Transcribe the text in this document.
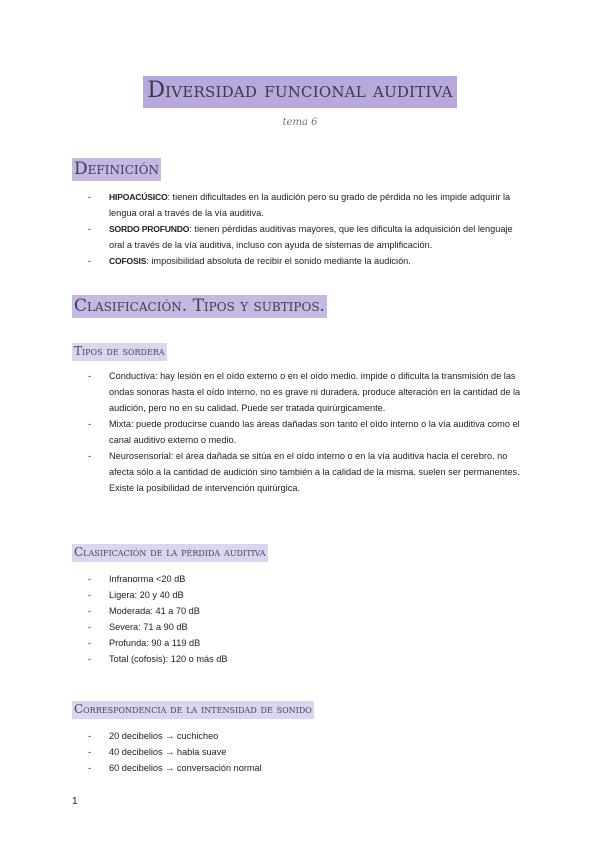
Diversidad funcional auditiva
tema 6
Definición
- HIPOACÚSICO: tienen dificultades en la audición pero su grado de pérdida no les impide adquirir la lengua oral a través de la vía auditiva.
- SORDO PROFUNDO: tienen pérdidas auditivas mayores, que les dificulta la adquisición del lenguaje oral a través de la vía auditiva, incluso con ayuda de sistemas de amplificación.
- COFOSIS: imposibilidad absoluta de recibir el sonido mediante la audición.
Clasificación. Tipos y subtipos.
Tipos de sordera
- Conductiva: hay lesión en el oído externo o en el oído medio. impide o dificulta la transmisión de las ondas sonoras hasta el oído interno. no es grave ni duradera. produce alteración en la cantidad de la audición, pero no en su calidad. Puede ser tratada quirúrgicamente.
- Mixta: puede producirse cuando las áreas dañadas son tanto el oído interno o la vía auditiva como el canal auditivo externo o medio.
- Neurosensorial: el área dañada se sitúa en el oído interno o en la vía auditiva hacia el cerebro. no afecta sólo a la cantidad de audición sino también a la calidad de la misma. suelen ser permanentes. Existe la posibilidad de intervención quirúrgica.
Clasificación de la pérdida auditiva
- Infranorma <20 dB
- Ligera: 20 y 40 dB
- Moderada: 41 a 70 dB
- Severa: 71 a 90 dB
- Profunda: 90 a 119 dB
- Total (cofosis): 120 o más dB
Correspondencia de la intensidad de sonido
- 20 decibelios → cuchicheo
- 40 decibelios → habla suave
- 60 decibelios → conversación normal
1
